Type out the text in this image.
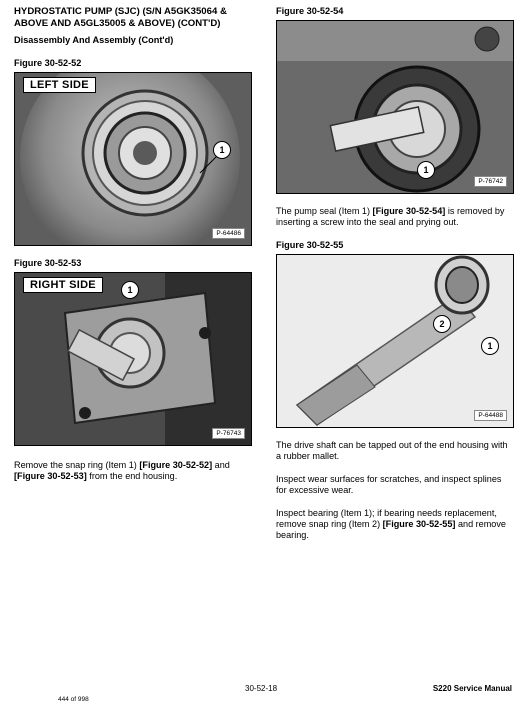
HYDROSTATIC PUMP (SJC) (S/N A5GK35064 &
ABOVE AND A5GL35005 & ABOVE) (CONT'D)
Disassembly And Assembly (Cont'd)
Figure 30-52-52
LEFT SIDE
1
P-64486
Figure 30-52-53
RIGHT SIDE	1
P-76743
Remove the snap ring (Item 1) [Figure 30-52-52] and [Figure 30-52-53] from the end housing.
Figure 30-52-54
1
P-76742
The pump seal (Item 1) [Figure 30-52-54] is removed by inserting a screw into the seal and prying out.
Figure 30-52-55
2
1
P-64488
The drive shaft can be tapped out of the end housing with a rubber mallet.
Inspect wear surfaces for scratches, and inspect splines for excessive wear.
Inspect bearing (Item 1); if bearing needs replacement, remove snap ring (Item 2) [Figure 30-52-55] and remove bearing.
444 of 998
30-52-18	S220 Service Manual
